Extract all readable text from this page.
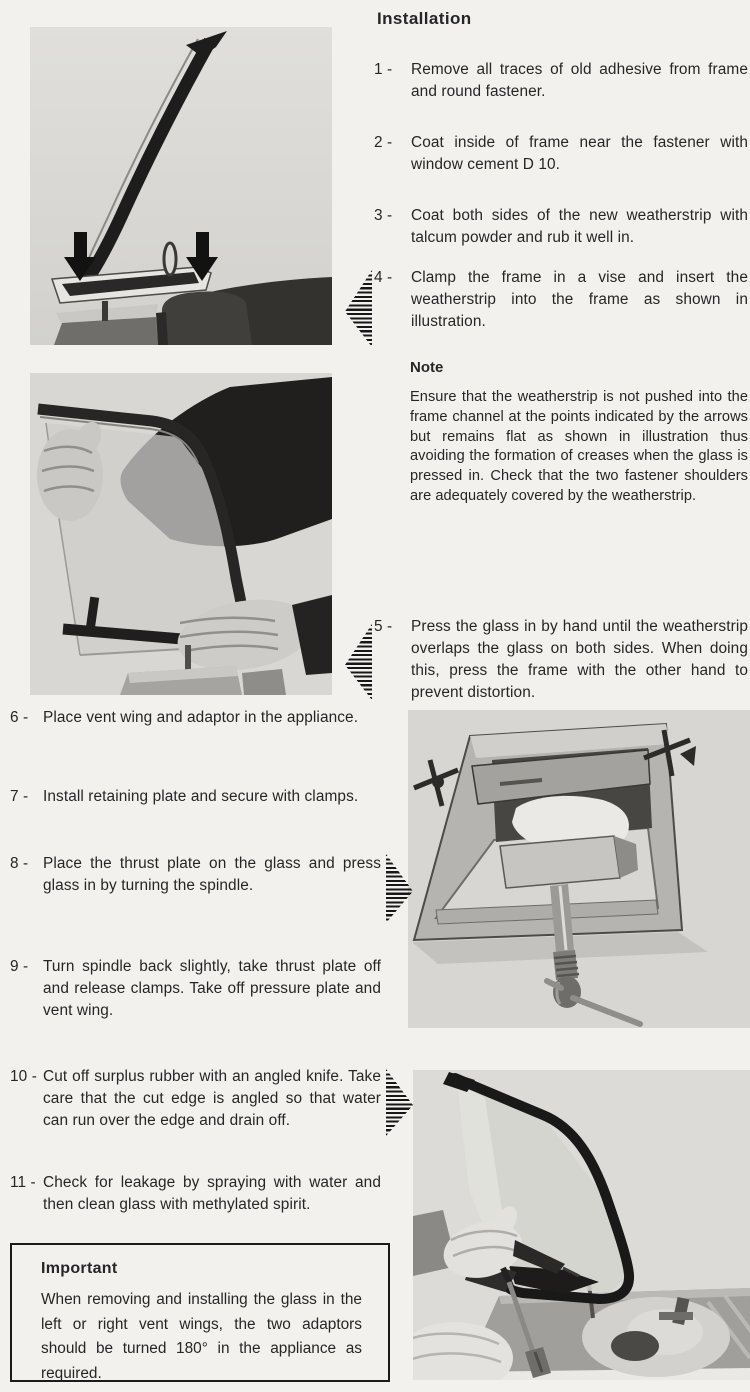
Installation
1 -	Remove all traces of old adhesive from frame and round fastener.

2 -	Coat inside of frame near the fastener with window cement D 10.

3 -	Coat both sides of the new weatherstrip with talcum powder and rub it well in.

4 -	Clamp the frame in a vise and insert the weatherstrip into the frame as shown in illustration.

5 -	Press the glass in by hand until the weatherstrip overlaps the glass on both sides. When doing this, press the frame with the other hand to prevent distortion.

Note

Ensure that the weatherstrip is not pushed into the frame channel at the points indicated by the arrows but remains flat as shown in illustration thus avoiding the formation of creases when the glass is pressed in. Check that the two fastener shoulders are adequately covered by the weatherstrip.

6 - Place vent wing and adaptor in the appliance.

7 - Install retaining plate and secure with clamps.

8 - Place the thrust plate on the glass and press glass in by turning the spindle.

9 - Turn spindle back slightly, take thrust plate off and release clamps. Take off pressure plate and vent wing.

10 - Cut off surplus rubber with an angled knife. Take care that the cut edge is angled so that water can run over the edge and drain off.

11 - Check for leakage by spraying with water and then clean glass with methylated spirit.

Important

When removing and installing the glass in the left or right vent wings, the two adaptors should be turned 180° in the appliance as required.
